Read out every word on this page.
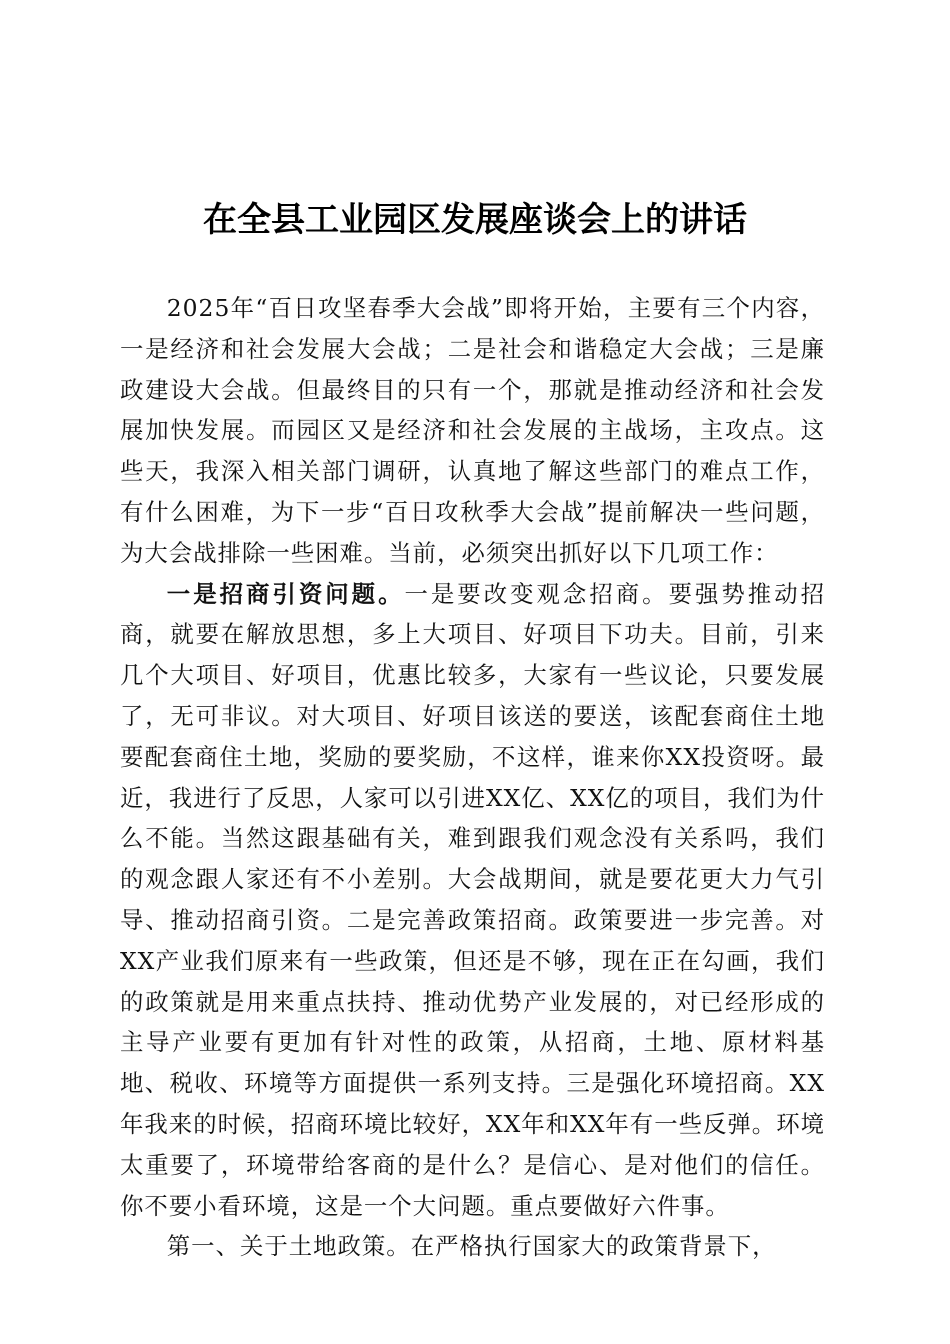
在全县工业园区发展座谈会上的讲话

2025年“百日攻坚春季大会战”即将开始，主要有三个内容，一是经济和社会发展大会战；二是社会和谐稳定大会战；三是廉政建设大会战。但最终目的只有一个，那就是推动经济和社会发展加快发展。而园区又是经济和社会发展的主战场，主攻点。这些天，我深入相关部门调研，认真地了解这些部门的难点工作，有什么困难，为下一步“百日攻秋季大会战”提前解决一些问题，为大会战排除一些困难。当前，必须突出抓好以下几项工作：

一是招商引资问题。一是要改变观念招商。要强势推动招商，就要在解放思想，多上大项目、好项目下功夫。目前，引来几个大项目、好项目，优惠比较多，大家有一些议论，只要发展了，无可非议。对大项目、好项目该送的要送，该配套商住土地要配套商住土地，奖励的要奖励，不这样，谁来你XX投资呀。最近，我进行了反思，人家可以引进XX亿、XX亿的项目，我们为什么不能。当然这跟基础有关，难到跟我们观念没有关系吗，我们的观念跟人家还有不小差别。大会战期间，就是要花更大力气引导、推动招商引资。二是完善政策招商。政策要进一步完善。对XX产业我们原来有一些政策，但还是不够，现在正在勾画，我们的政策就是用来重点扶持、推动优势产业发展的，对已经形成的主导产业要有更加有针对性的政策，从招商，土地、原材料基地、税收、环境等方面提供一系列支持。三是强化环境招商。XX年我来的时候，招商环境比较好，XX年和XX年有一些反弹。环境太重要了，环境带给客商的是什么？是信心、是对他们的信任。你不要小看环境，这是一个大问题。重点要做好六件事。

第一、关于土地政策。在严格执行国家大的政策背景下，
